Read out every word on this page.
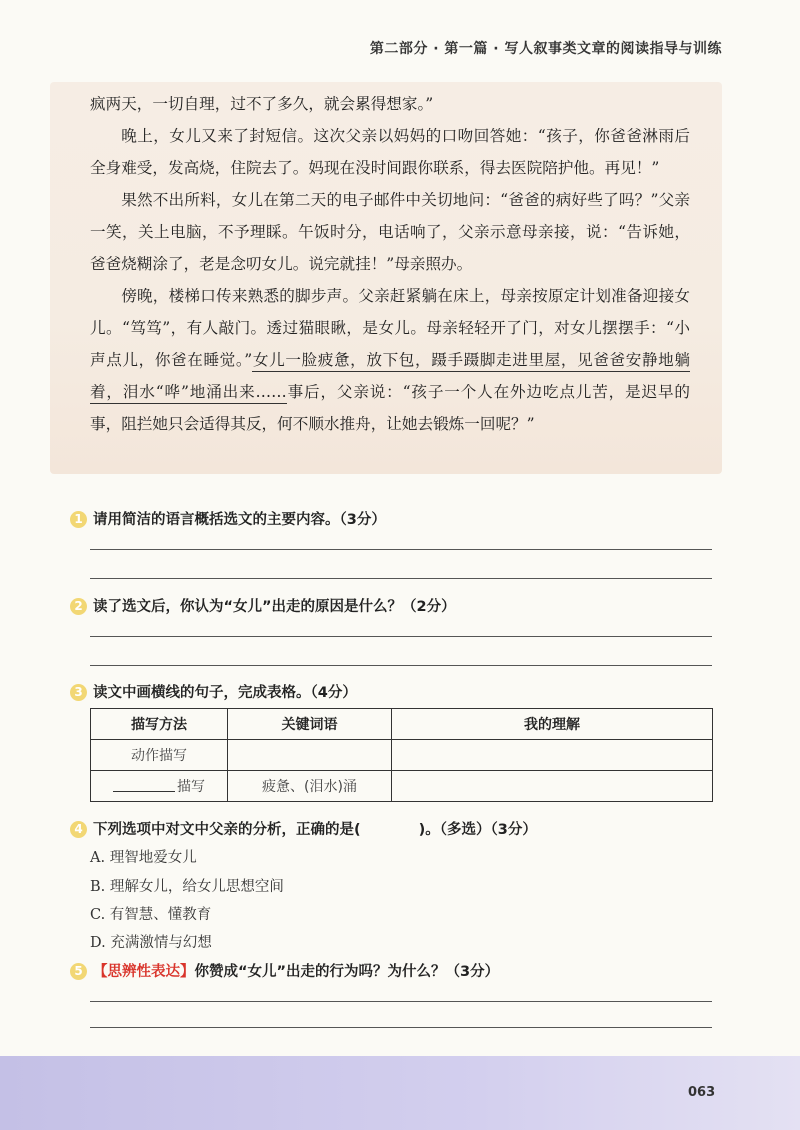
第二部分 · 第一篇 · 写人叙事类文章的阅读指导与训练

疯两天，一切自理，过不了多久，就会累得想家。”

晚上，女儿又来了封短信。这次父亲以妈妈的口吻回答她：“孩子，你爸爸淋雨后全身难受，发高烧，住院去了。妈现在没时间跟你联系，得去医院陪护他。再见！”

果然不出所料，女儿在第二天的电子邮件中关切地问：“爸爸的病好些了吗？”父亲一笑，关上电脑，不予理睬。午饭时分，电话响了，父亲示意母亲接，说：“告诉她，爸爸烧糊涂了，老是念叨女儿。说完就挂！”母亲照办。

傍晚，楼梯口传来熟悉的脚步声。父亲赶紧躺在床上，母亲按原定计划准备迎接女儿。“笃笃”，有人敲门。透过猫眼瞅，是女儿。母亲轻轻开了门，对女儿摆摆手：“小声点儿，你爸在睡觉。”女儿一脸疲惫，放下包，蹑手蹑脚走进里屋，见爸爸安静地躺着，泪水“哗”地涌出来……事后，父亲说：“孩子一个人在外边吃点儿苦，是迟早的事，阻拦她只会适得其反，何不顺水推舟，让她去锻炼一回呢？”

1 请用简洁的语言概括选文的主要内容。（3分）
2 读了选文后，你认为“女儿”出走的原因是什么？（2分）
3 读文中画横线的句子，完成表格。（4分）
描写方法	关键词语	我的理解
动作描写		
描写	疲惫、(泪水)涌	
4 下列选项中对文中父亲的分析，正确的是(　　　　)。（多选）（3分）
A. 理智地爱女儿
B. 理解女儿，给女儿思想空间
C. 有智慧、懂教育
D. 充满激情与幻想
5 【思辨性表达】你赞成“女儿”出走的行为吗？为什么？（3分）
063
